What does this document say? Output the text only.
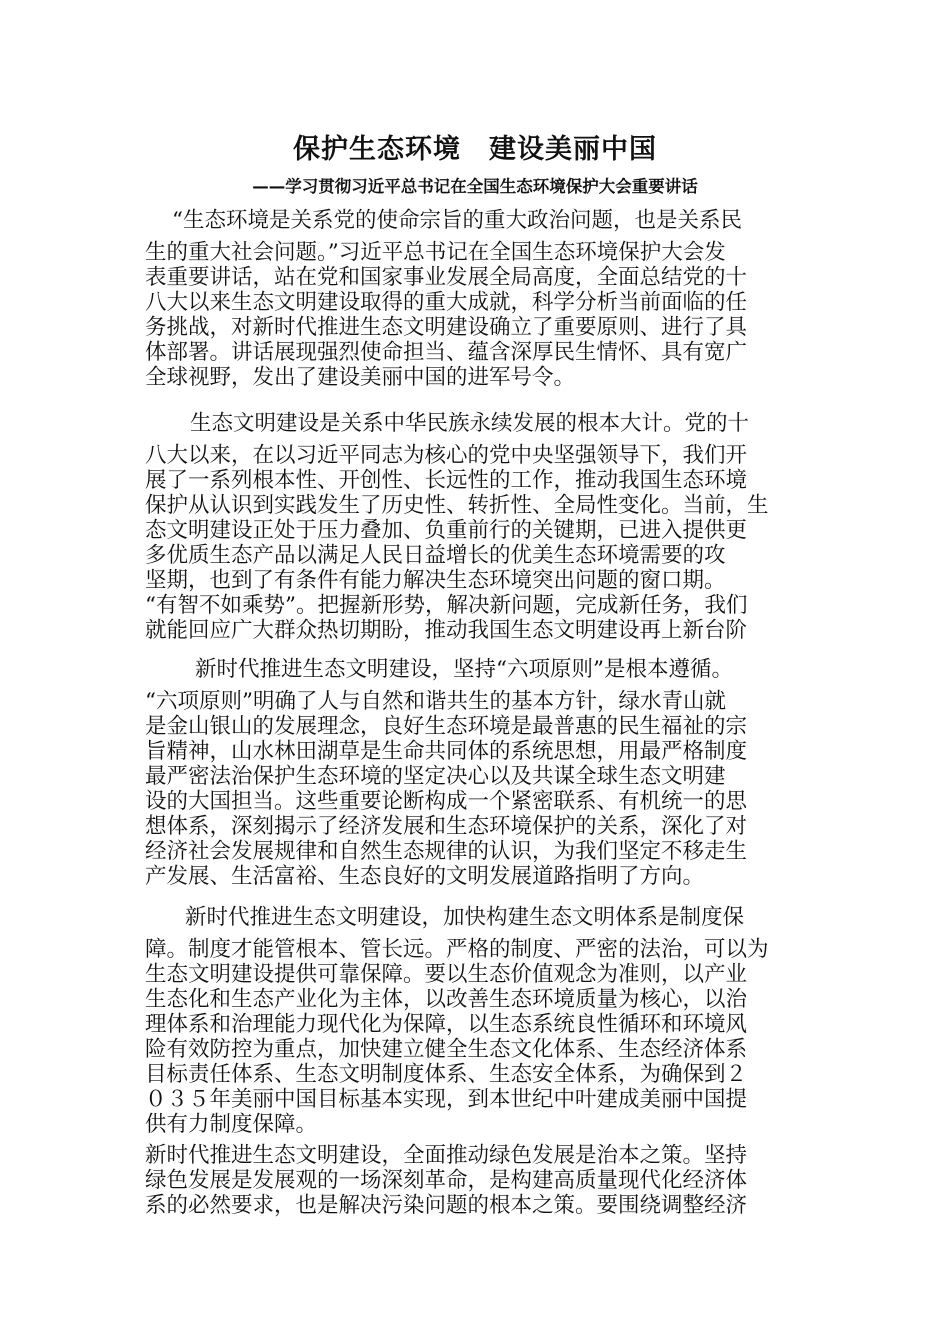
保护生态环境　建设美丽中国
——学习贯彻习近平总书记在全国生态环境保护大会重要讲话
“生态环境是关系党的使命宗旨的重大政治问题，也是关系民
生的重大社会问题。”习近平总书记在全国生态环境保护大会发
表重要讲话，站在党和国家事业发展全局高度，全面总结党的十
八大以来生态文明建设取得的重大成就，科学分析当前面临的任
务挑战，对新时代推进生态文明建设确立了重要原则、进行了具
体部署。讲话展现强烈使命担当、蕴含深厚民生情怀、具有宽广
全球视野，发出了建设美丽中国的进军号令。
生态文明建设是关系中华民族永续发展的根本大计。党的十
八大以来，在以习近平同志为核心的党中央坚强领导下，我们开
展了一系列根本性、开创性、长远性的工作，推动我国生态环境
保护从认识到实践发生了历史性、转折性、全局性变化。当前，生
态文明建设正处于压力叠加、负重前行的关键期，已进入提供更
多优质生态产品以满足人民日益增长的优美生态环境需要的攻
坚期，也到了有条件有能力解决生态环境突出问题的窗口期。
“有智不如乘势”。把握新形势，解决新问题，完成新任务，我们
就能回应广大群众热切期盼，推动我国生态文明建设再上新台阶
新时代推进生态文明建设，坚持“六项原则”是根本遵循。
“六项原则”明确了人与自然和谐共生的基本方针，绿水青山就
是金山银山的发展理念，良好生态环境是最普惠的民生福祉的宗
旨精神，山水林田湖草是生命共同体的系统思想，用最严格制度
最严密法治保护生态环境的坚定决心以及共谋全球生态文明建
设的大国担当。这些重要论断构成一个紧密联系、有机统一的思
想体系，深刻揭示了经济发展和生态环境保护的关系，深化了对
经济社会发展规律和自然生态规律的认识，为我们坚定不移走生
产发展、生活富裕、生态良好的文明发展道路指明了方向。
新时代推进生态文明建设，加快构建生态文明体系是制度保
障。制度才能管根本、管长远。严格的制度、严密的法治，可以为
生态文明建设提供可靠保障。要以生态价值观念为准则，以产业
生态化和生态产业化为主体，以改善生态环境质量为核心，以治
理体系和治理能力现代化为保障，以生态系统良性循环和环境风
险有效防控为重点，加快建立健全生态文化体系、生态经济体系
目标责任体系、生态文明制度体系、生态安全体系，为确保到２
０３５年美丽中国目标基本实现，到本世纪中叶建成美丽中国提
供有力制度保障。
新时代推进生态文明建设，全面推动绿色发展是治本之策。坚持
绿色发展是发展观的一场深刻革命，是构建高质量现代化经济体
系的必然要求，也是解决污染问题的根本之策。要围绕调整经济
